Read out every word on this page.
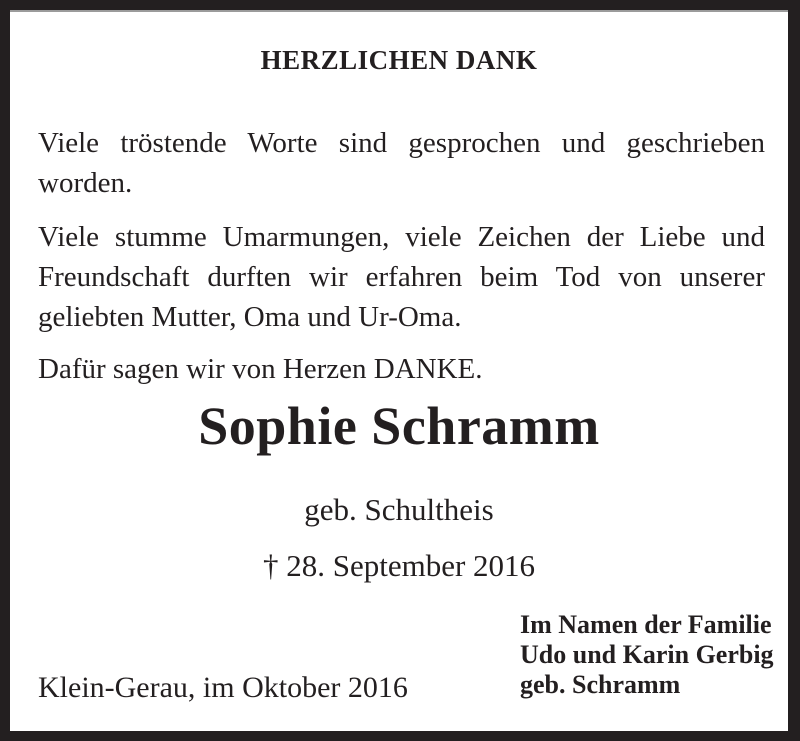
HERZLICHEN DANK

Viele tröstende Worte sind gesprochen und geschrieben worden.

Viele stumme Umarmungen, viele Zeichen der Liebe und Freundschaft durften wir erfahren beim Tod von unserer geliebten Mutter, Oma und Ur-Oma.

Dafür sagen wir von Herzen DANKE.

Sophie Schramm
geb. Schultheis
† 28. September 2016
Im Namen der Familie
Udo und Karin Gerbig
geb. Schramm
Klein-Gerau, im Oktober 2016
